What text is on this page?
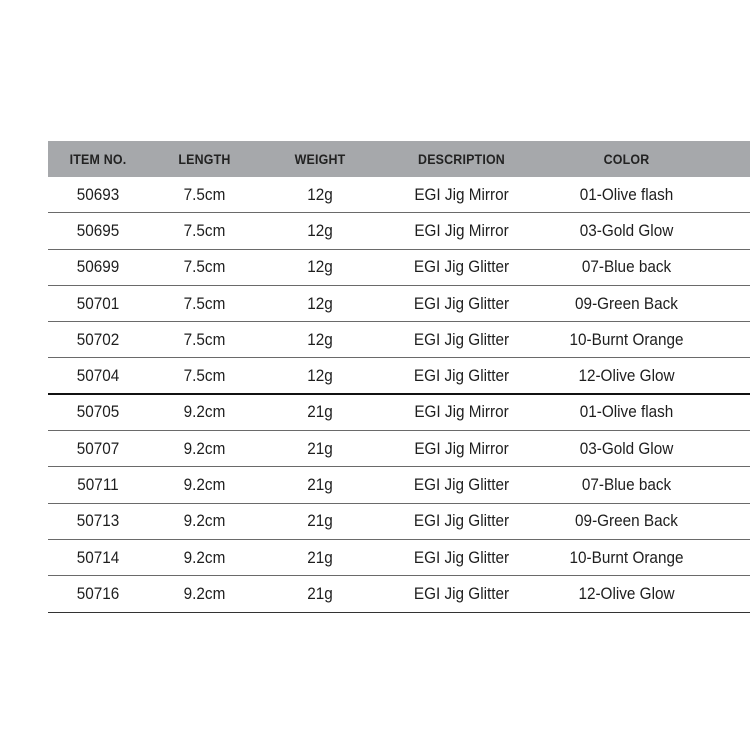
ITEM NO.	LENGTH	WEIGHT	DESCRIPTION	COLOR
50693	7.5cm	12g	EGI Jig Mirror	01-Olive flash
50695	7.5cm	12g	EGI Jig Mirror	03-Gold Glow
50699	7.5cm	12g	EGI Jig Glitter	07-Blue back
50701	7.5cm	12g	EGI Jig Glitter	09-Green Back
50702	7.5cm	12g	EGI Jig Glitter	10-Burnt Orange
50704	7.5cm	12g	EGI Jig Glitter	12-Olive Glow
50705	9.2cm	21g	EGI Jig Mirror	01-Olive flash
50707	9.2cm	21g	EGI Jig Mirror	03-Gold Glow
50711	9.2cm	21g	EGI Jig Glitter	07-Blue back
50713	9.2cm	21g	EGI Jig Glitter	09-Green Back
50714	9.2cm	21g	EGI Jig Glitter	10-Burnt Orange
50716	9.2cm	21g	EGI Jig Glitter	12-Olive Glow
